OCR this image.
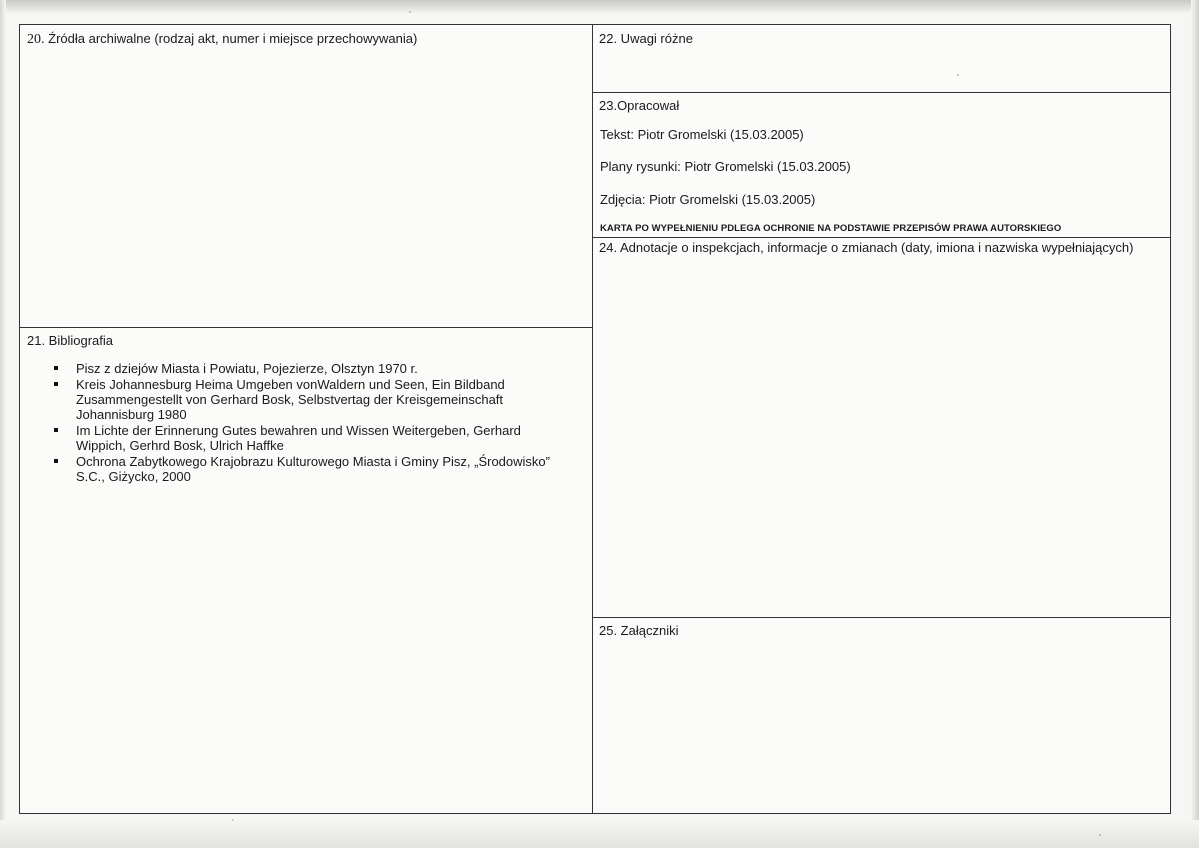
20. Źródła archiwalne (rodzaj akt, numer i miejsce przechowywania)
21. Bibliografia
Pisz z dziejów Miasta i Powiatu, Pojezierze, Olsztyn 1970 r.
Kreis Johannesburg Heima Umgeben vonWaldern und Seen, Ein Bildband Zusammengestellt von Gerhard Bosk, Selbstvertag der Kreisgemeinschaft Johannisburg 1980
Im Lichte der Erinnerung Gutes bewahren und Wissen Weitergeben, Gerhard Wippich, Gerhrd Bosk, Ulrich Haffke
Ochrona Zabytkowego Krajobrazu Kulturowego Miasta i Gminy Pisz, „Środowisko” S.C., Giżycko, 2000
22. Uwagi różne
23.Opracował
Tekst: Piotr Gromelski (15.03.2005)
Plany rysunki: Piotr Gromelski (15.03.2005)
Zdjęcia: Piotr Gromelski (15.03.2005)
KARTA PO WYPEŁNIENIU PDLEGA OCHRONIE NA PODSTAWIE PRZEPISÓW PRAWA AUTORSKIEGO
24. Adnotacje o inspekcjach, informacje o zmianach (daty, imiona i nazwiska wypełniających)
25. Załączniki
